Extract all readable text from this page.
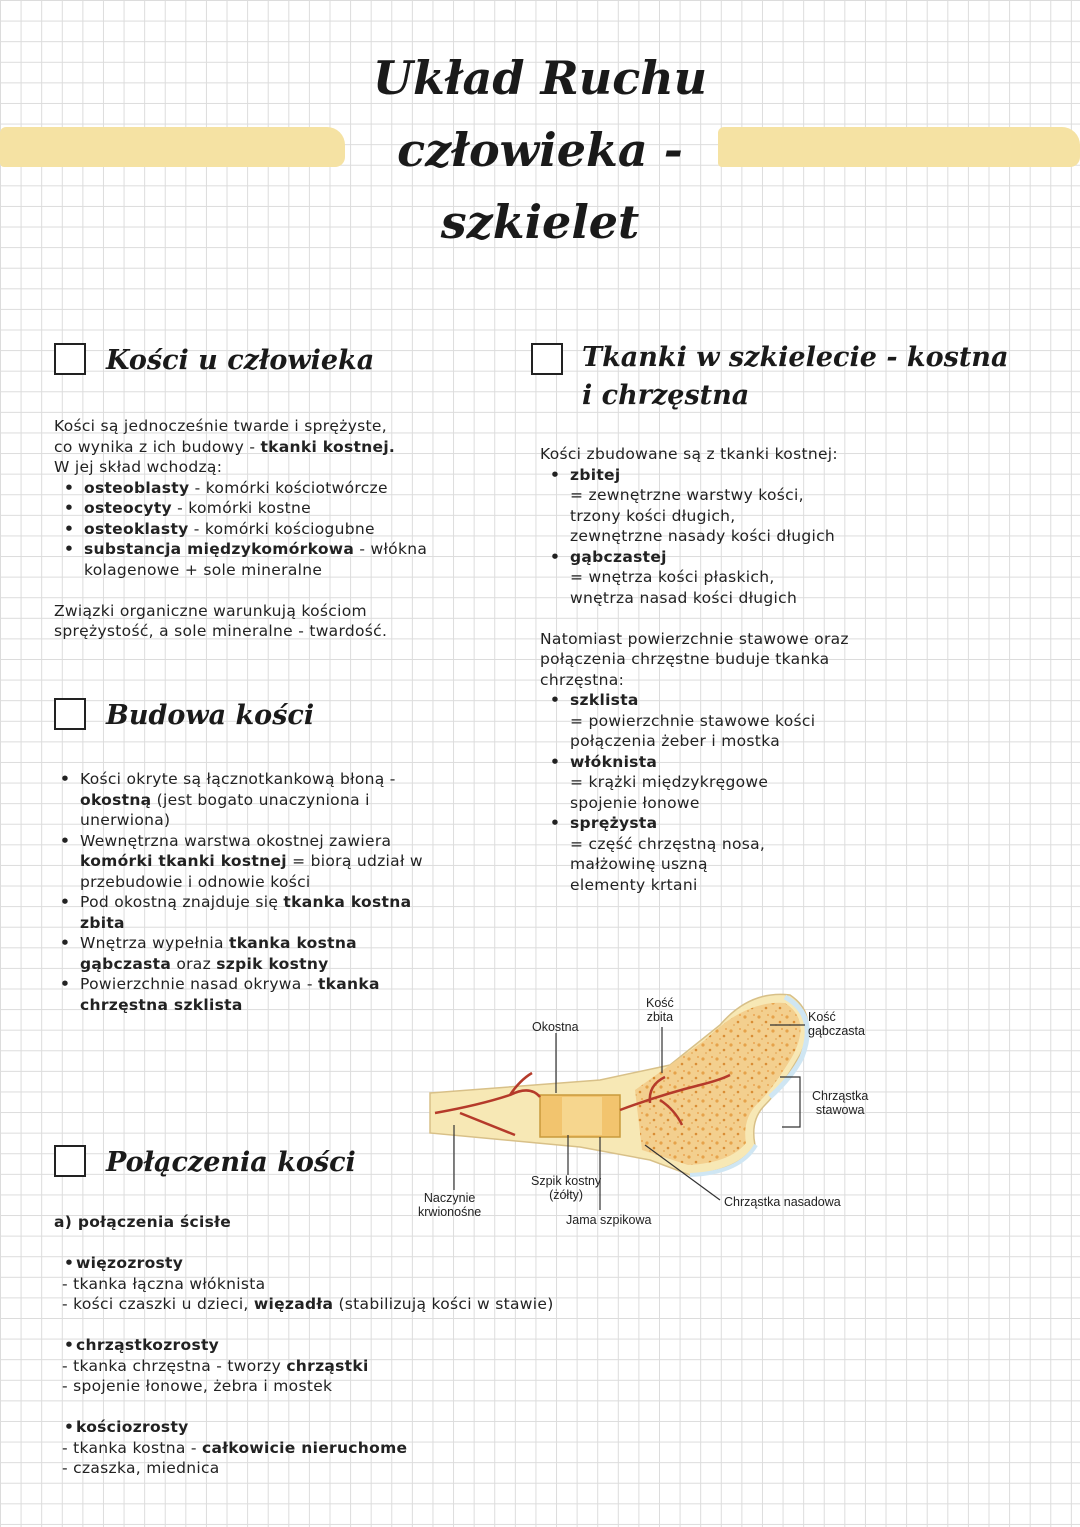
Układ Ruchu
człowieka -
szkielet
Kości u człowieka
Kości są jednocześnie twarde i sprężyste,
co wynika z ich budowy - tkanki kostnej.
W jej skład wchodzą:
• osteoblasty - komórki kościotwórcze
• osteocyty - komórki kostne
• osteoklasty - komórki kościogubne
• substancja międzykomórkowa - włókna
kolagenowe + sole mineralne

Związki organiczne warunkują kościom
sprężystość, a sole mineralne - twardość.
Budowa kości
• Kości okryte są łącznotkankową błoną -
okostną (jest bogato unaczyniona i
unerwiona)
• Wewnętrzna warstwa okostnej zawiera
komórki tkanki kostnej = biorą udział w
przebudowie i odnowie kości
• Pod okostną znajduje się tkanka kostna
zbita
• Wnętrza wypełnia tkanka kostna
gąbczasta oraz szpik kostny
• Powierzchnie nasad okrywa - tkanka
chrzęstna szklista
Połączenia kości
a) połączenia ścisłe
• więzozrosty
- tkanka łączna włóknista
- kości czaszki u dzieci, więzadła (stabilizują kości w stawie)

• chrząstkozrosty
- tkanka chrzęstna - tworzy chrząstki
- spojenie łonowe, żebra i mostek

• kościozrosty
- tkanka kostna - całkowicie nieruchome
- czaszka, miednica
Tkanki w szkielecie - kostna
i chrzęstna
Kości zbudowane są z tkanki kostnej:
• zbitej
= zewnętrzne warstwy kości,
trzony kości długich,
zewnętrzne nasady kości długich
• gąbczastej
= wnętrza kości płaskich,
wnętrza nasad kości długich

Natomiast powierzchnie stawowe oraz
połączenia chrzęstne buduje tkanka
chrzęstna:
• szklista
= powierzchnie stawowe kości
połączenia żeber i mostka
• włóknista
= krążki międzykręgowe
spojenie łonowe
• sprężysta
= część chrzęstną nosa,
małżowinę uszną
elementy krtani
Okostna
Kość
zbita	Kość
gąbczasta
Chrząstka
stawowa
Naczynie
krwionośne
Szpik kostny
(żółty)
Jama szpikowa
Chrząstka nasadowa
